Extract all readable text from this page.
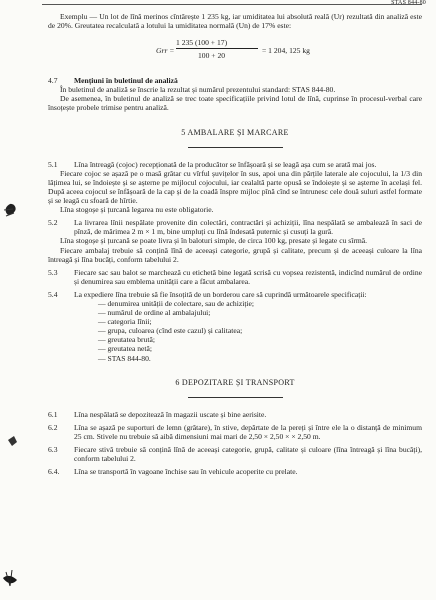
STAS 844-80

Exemplu — Un lot de lînă merinos cîntărește 1 235 kg, iar umiditatea lui absolută reală (Ur) rezultată din analiză este de 20%. Greutatea recalculată a lotului la umiditatea normală (Un) de 17% este:

Grr =
1 235 (100 + 17)
100 + 20
= 1 204, 125 kg
4.7	Mențiuni în buletinul de analiză

În buletinul de analiză se înscrie la rezultat și numărul prezentului standard: STAS 844-80.

De asemenea, în buletinul de analiză se trec toate specificațiile privind lotul de lînă, cuprinse în procesul-verbal care însoțește probele trimise pentru analiză.

5 AMBALARE ȘI MARCARE
5.1	Lîna întreagă (cojoc) recepționată de la producător se înfășoară și se leagă așa cum se arată mai jos.

Fiecare cojoc se așază pe o masă grătar cu vîrful șuvițelor în sus, apoi una din părțile laterale ale cojocului, la 1/3 din lățimea lui, se îndoiește și se așterne pe mijlocul cojocului, iar cealaltă parte opusă se îndoiește și se așterne în același fel. După aceea cojocul se înfășoară de la cap și de la coadă înspre mijloc pînă cînd se întrunesc cele două suluri astfel formate și se leagă cu sfoară de hîrtie.

Lîna stogoșe și țurcană legarea nu este obligatorie.

5.2	La livrarea lînii nespălate provenite din colectări, contractări și achiziții, lîna nespălată se ambalează în saci de pînză, de mărimea 2 m × 1 m, bine umpluți cu lînă îndesată puternic și cusuți la gură.

Lîna stogoșe și țurcană se poate livra și în baloturi simple, de circa 100 kg, presate și legate cu sîrmă.

Fiecare ambalaj trebuie să conțină lînă de aceeași categorie, grupă și calitate, precum și de aceeași culoare la lîna întreagă și lîna bucăți, conform tabelului 2.

5.3	Fiecare sac sau balot se marchează cu etichetă bine legată scrisă cu vopsea rezistentă, indicînd numărul de ordine și denumirea sau emblema unității care a făcut ambalarea.
5.4	La expediere lîna trebuie să fie însoțită de un borderou care să cuprindă următoarele specificații:
— denumirea unității de colectare, sau de achiziție;
— numărul de ordine al ambalajului;
— categoria lînii;
— grupa, culoarea (cînd este cazul) și calitatea;
— greutatea brută;
— greutatea netă;
— STAS 844-80.
6 DEPOZITARE ȘI TRANSPORT
6.1	Lîna nespălată se depozitează în magazii uscate și bine aerisite.
6.2	Lîna se așază pe suporturi de lemn (grătare), în stive, depărtate de la pereți și între ele la o distanță de minimum 25 cm. Stivele nu trebuie să aibă dimensiuni mai mari de 2,50 × 2,50 × × 2,50 m.
6.3	Fiecare stivă trebuie să conțină lînă de aceeași categorie, grupă, calitate și culoare (lîna întreagă și lîna bucăți), conform tabelului 2.
6.4.	Lîna se transportă în vagoane închise sau în vehicule acoperite cu prelate.
